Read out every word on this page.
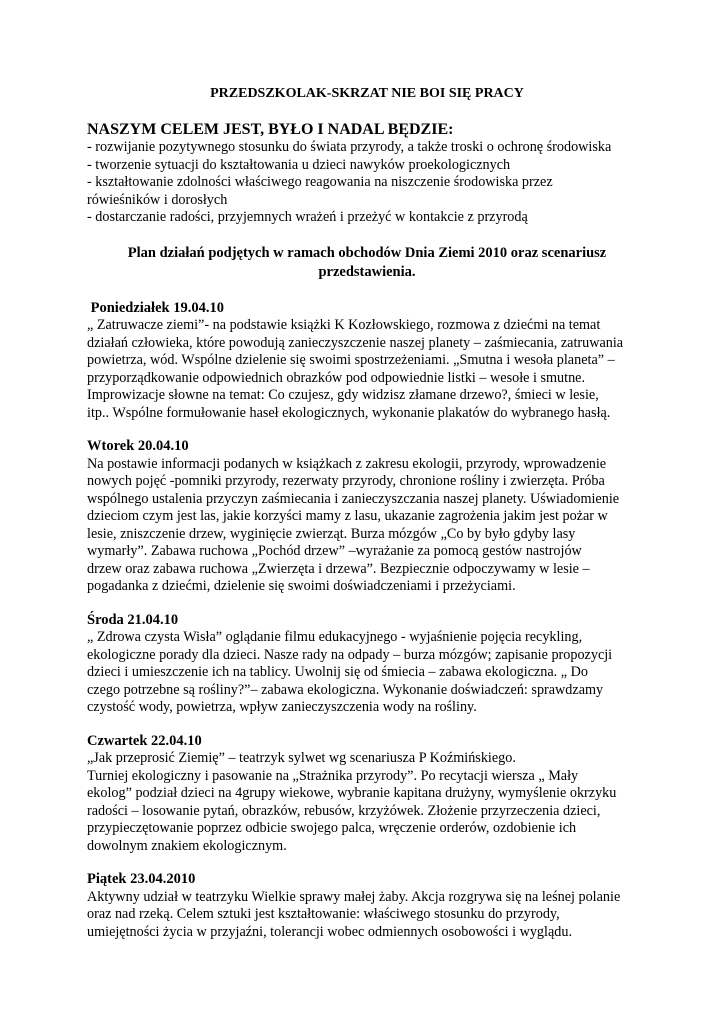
PRZEDSZKOLAK-SKRZAT NIE BOI SIĘ PRACY

NASZYM CELEM JEST, BYŁO I NADAL BĘDZIE:

- rozwijanie pozytywnego stosunku do świata przyrody, a także troski o ochronę środowiska

- tworzenie sytuacji do kształtowania u dzieci nawyków proekologicznych

- kształtowanie zdolności właściwego reagowania na niszczenie środowiska przez

rówieśników i dorosłych

- dostarczanie radości, przyjemnych wrażeń i przeżyć w kontakcie z przyrodą

Plan działań podjętych w ramach obchodów Dnia Ziemi 2010 oraz scenariusz
przedstawienia.

Poniedziałek 19.04.10

„ Zatruwacze ziemi”- na podstawie książki K Kozłowskiego, rozmowa z dziećmi na temat

działań człowieka, które powodują zanieczyszczenie naszej planety – zaśmiecania, zatruwania

powietrza, wód. Wspólne dzielenie się swoimi spostrzeżeniami. „Smutna i wesoła planeta” –

przyporządkowanie odpowiednich obrazków pod odpowiednie listki – wesołe i smutne.

Improwizacje słowne na temat: Co czujesz, gdy widzisz złamane drzewo?, śmieci w lesie,

itp.. Wspólne formułowanie haseł ekologicznych, wykonanie plakatów do wybranego hasłą.

Wtorek 20.04.10

Na postawie informacji podanych w książkach z zakresu ekologii, przyrody, wprowadzenie

nowych pojęć -pomniki przyrody, rezerwaty przyrody, chronione rośliny i zwierzęta. Próba

wspólnego ustalenia przyczyn zaśmiecania i zanieczyszczania naszej planety. Uświadomienie

dzieciom czym jest las, jakie korzyści mamy z lasu, ukazanie zagrożenia jakim jest pożar w

lesie, zniszczenie drzew, wyginięcie zwierząt. Burza mózgów „Co by było gdyby lasy

wymarły”. Zabawa ruchowa „Pochód drzew” –wyrażanie za pomocą gestów nastrojów

drzew oraz zabawa ruchowa „Zwierzęta i drzewa”. Bezpiecznie odpoczywamy w lesie –

pogadanka z dziećmi, dzielenie się swoimi doświadczeniami i przeżyciami.

Środa 21.04.10

„ Zdrowa czysta Wisła” oglądanie filmu edukacyjnego - wyjaśnienie pojęcia recykling,

ekologiczne porady dla dzieci. Nasze rady na odpady – burza mózgów; zapisanie propozycji

dzieci i umieszczenie ich na tablicy. Uwolnij się od śmiecia – zabawa ekologiczna. „ Do

czego potrzebne są rośliny?”– zabawa ekologiczna. Wykonanie doświadczeń: sprawdzamy

czystość wody, powietrza, wpływ zanieczyszczenia wody na rośliny.

Czwartek 22.04.10

„Jak przeprosić Ziemię” – teatrzyk sylwet wg scenariusza P Koźmińskiego.

Turniej ekologiczny i pasowanie na „Strażnika przyrody”. Po recytacji wiersza „ Mały

ekolog” podział dzieci na 4grupy wiekowe, wybranie kapitana drużyny, wymyślenie okrzyku

radości – losowanie pytań, obrazków, rebusów, krzyżówek. Złożenie przyrzeczenia dzieci,

przypieczętowanie poprzez odbicie swojego palca, wręczenie orderów, ozdobienie ich

dowolnym znakiem ekologicznym.

Piątek 23.04.2010

Aktywny udział w teatrzyku Wielkie sprawy małej żaby. Akcja rozgrywa się na leśnej polanie

oraz nad rzeką. Celem sztuki jest kształtowanie: właściwego stosunku do przyrody,

umiejętności życia w przyjaźni, tolerancji wobec odmiennych osobowości i wyglądu.
